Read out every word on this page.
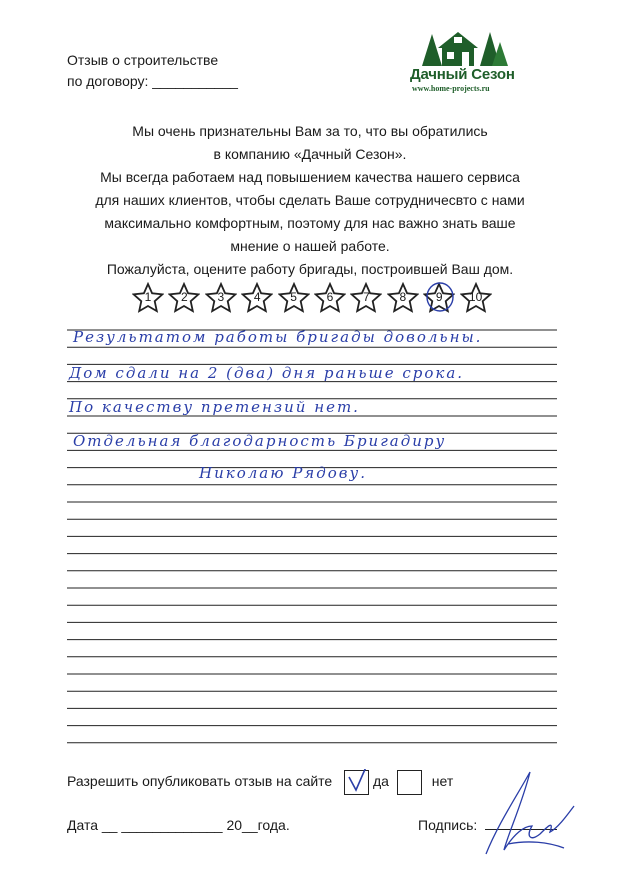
Отзыв о строительстве
по договору: ___________	Дачный Сезон
www.home-projects.ru
Мы очень признательны Вам за то, что вы обратились
в компанию «Дачный Сезон».
Мы всегда работаем над повышением качества нашего сервиса
для наших клиентов, чтобы сделать Ваше сотрудничесвто с нами
максимально комфортным, поэтому для нас важно знать ваше
мнение о нашей работе.
Пожалуйста, оцените работу бригады, построившей Ваш дом.
1	2	3	4	5	6	7	8	9	10
Результатом работы бригады довольны.
Дом сдали на 2 (два) дня раньше срока.
По качеству претензий нет.
Отдельная благодарность Бригадиру
Николаю Рядову.
Разрешить опубликовать отзыв на сайте	да	нет
Дата __ _____________ 20__года.	Подпись:
